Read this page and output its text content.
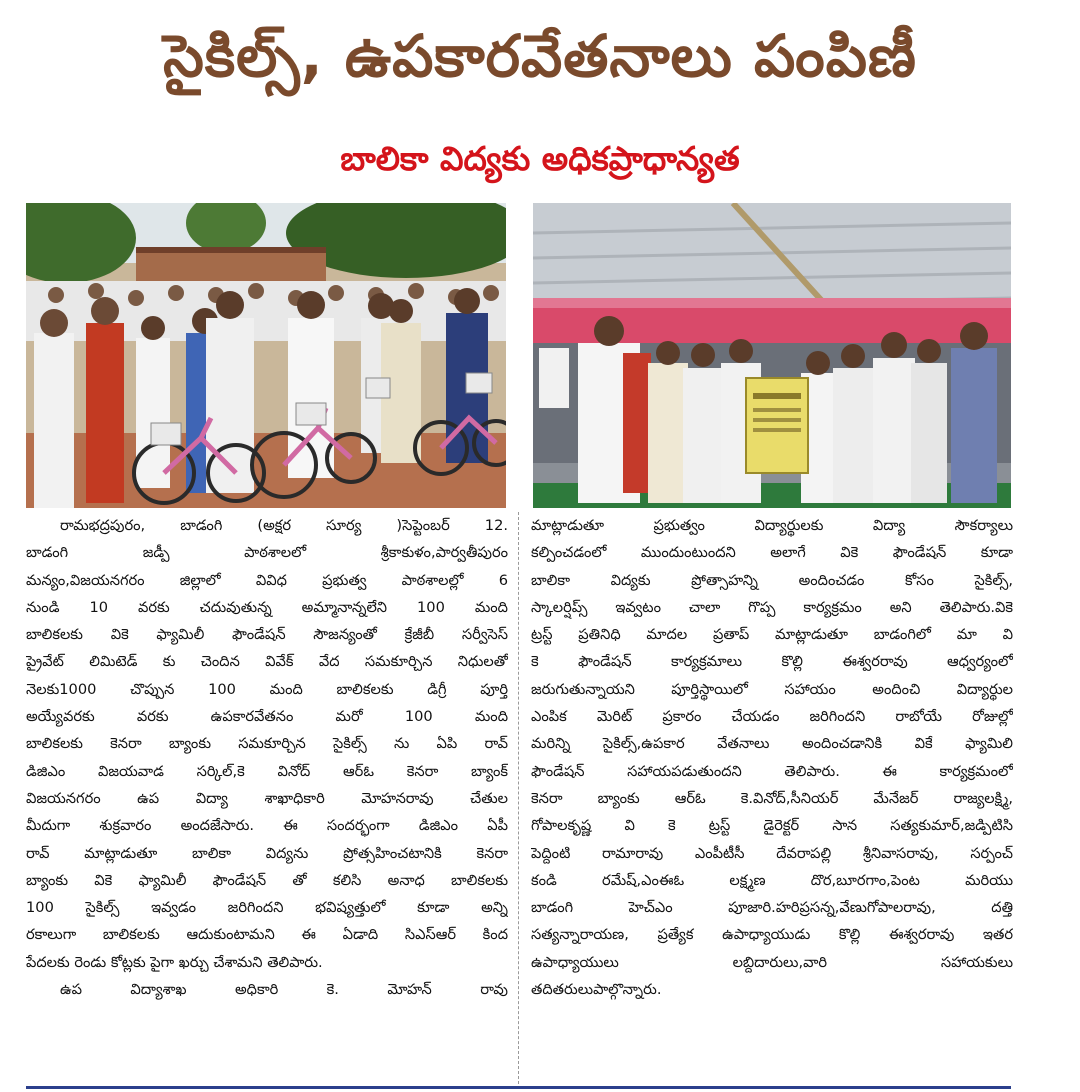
సైకిల్స్, ఉపకారవేతనాలు పంపిణీ
బాలికా విద్యకు అధికప్రాధాన్యత
రామభద్రపురం, బాడంగి (అక్షర సూర్య )సెప్టెంబర్ 12.
బాడంగి జడ్పీ పాఠశాలలో శ్రీకాకుళం,పార్వతీపురం
మన్యం,విజయనగరం జిల్లాలో వివిధ ప్రభుత్వ పాఠశాలల్లో 6
నుండి 10 వరకు చదువుతున్న అమ్మానాన్నలేని 100 మంది
బాలికలకు వికె ఫ్యామిలీ ఫౌండేషన్ సౌజన్యంతో క్రేజీబీ సర్వీసెస్
ప్రైవేట్ లిమిటెడ్ కు చెందిన వివేక్ వేద సమకూర్చిన నిధులతో
నెలకు1000 చొప్పున 100 మంది బాలికలకు డిగ్రీ పూర్తి
అయ్యేవరకు వరకు ఉపకారవేతనం మరో 100 మంది
బాలికలకు కెనరా బ్యాంకు సమకూర్చిన సైకిల్స్ ను ఏపి రావ్
డిజిఎం విజయవాడ సర్కిల్,కె వినోద్ ఆర్ఓ కెనరా బ్యాంక్
విజయనగరం ఉప విద్యా శాఖాధికారి మోహనరావు చేతుల
మీదుగా శుక్రవారం అందజేసారు. ఈ సందర్భంగా డిజిఎం ఏపీ
రావ్ మాట్లాడుతూ బాలికా విద్యను ప్రోత్సహించటానికి కెనరా
బ్యాంకు వికె ఫ్యామిలీ ఫౌండేషన్ తో కలిసి అనాధ బాలికలకు
100 సైకిల్స్ ఇవ్వడం జరిగిందని భవిష్యత్తులో కూడా అన్ని
రకాలుగా బాలికలకు ఆదుకుంటామని ఈ ఏడాది సిఎస్ఆర్ కింద
పేదలకు రెండు కోట్లకు పైగా ఖర్చు చేశామని తెలిపారు.
ఉప విద్యాశాఖ అధికారి కె. మోహన్ రావు
మాట్లాడుతూ ప్రభుత్వం విద్యార్థులకు విద్యా సౌకర్యాలు
కల్పించడంలో ముందుంటుందని అలాగే వికె ఫౌండేషన్ కూడా
బాలికా విద్యకు ప్రోత్సాహన్ని అందించడం కోసం సైకిల్స్,
స్కాలర్షిప్స్ ఇవ్వటం చాలా గొప్ప కార్యక్రమం అని తెలిపారు.వికె
ట్రస్ట్ ప్రతినిధి మాదల ప్రతాప్ మాట్లాడుతూ బాడంగిలో మా వి
కె ఫౌండేషన్ కార్యక్రమాలు కొల్లి ఈశ్వరరావు ఆధ్వర్యంలో
జరుగుతున్నాయని పూర్తిస్థాయిలో సహాయం అందించి విద్యార్థుల
ఎంపిక మెరిట్ ప్రకారం చేయడం జరిగిందని రాబోయే రోజుల్లో
మరిన్ని సైకిల్స్,ఉపకార వేతనాలు అందించడానికి వికే ఫ్యామిలి
ఫౌండేషన్ సహాయపడుతుందని తెలిపారు. ఈ కార్యక్రమంలో
కెనరా బ్యాంకు ఆర్ఓ కె.వినోద్,సీనియర్ మేనేజర్ రాజ్యలక్ష్మి,
గోపాలకృష్ణ వి కె ట్రస్ట్ డైరెక్టర్ సాన సత్యకుమార్,జడ్పిటిసి
పెద్దింటి రామారావు ఎంపీటీసీ దేవరాపల్లి శ్రీనివాసరావు, సర్పంచ్
కండి రమేష్,ఎంఈఓ లక్ష్మణ దొర,బూరగాం,పెంట మరియు
బాడంగి హెచ్ఎం పూజారి.హరిప్రసన్న,వేణుగోపాలరావు, దత్తి
సత్యన్నారాయణ, ప్రత్యేక ఉపాధ్యాయుడు కొల్లి ఈశ్వరరావు ఇతర
ఉపాధ్యాయులు లబ్దిదారులు,వారి సహాయకులు
తదితరులుపాల్గొన్నారు.
